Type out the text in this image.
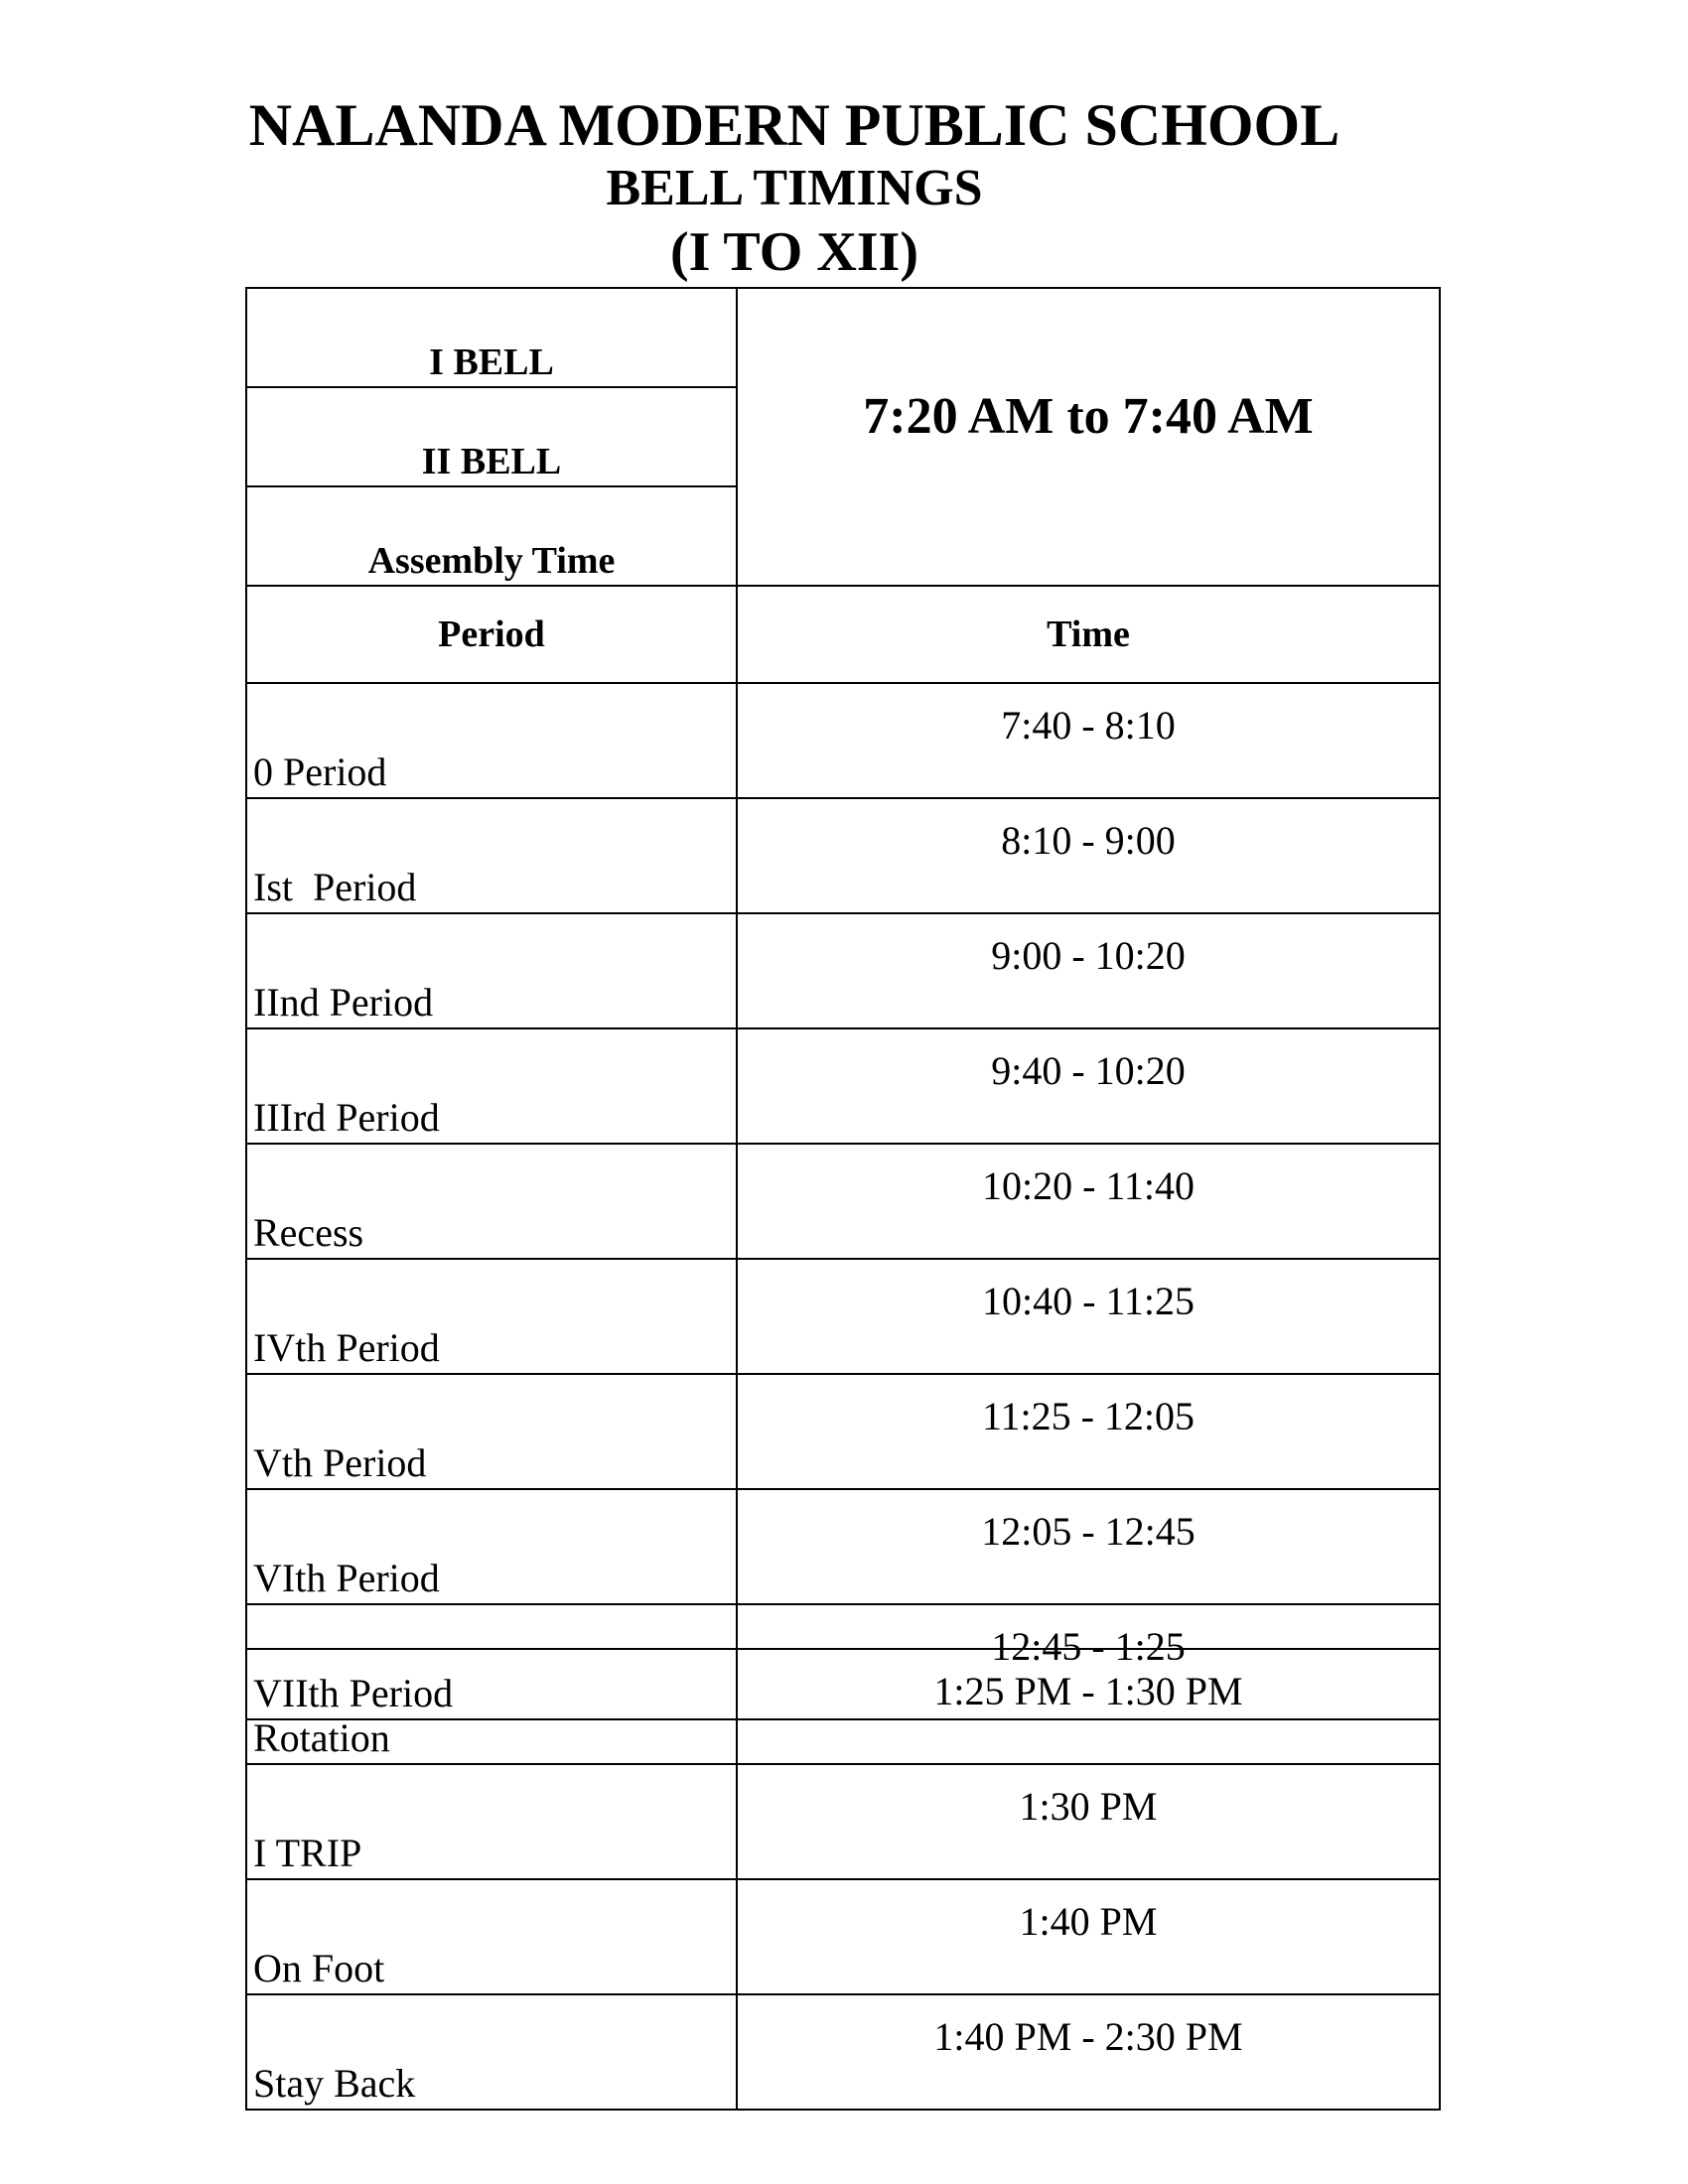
NALANDA MODERN PUBLIC SCHOOL
BELL TIMINGS
(I TO XII)
I BELL	7:20 AM to 7:40 AM
II BELL	
Assembly Time	
Period	Time
0 Period	7:40 - 8:10
Ist  Period	8:10 - 9:00
IInd Period	9:00 - 10:20
IIIrd Period	9:40 - 10:20
Recess	10:20 - 11:40
IVth Period	10:40 - 11:25
Vth Period	11:25 - 12:05
VIth Period	12:05 - 12:45
VIIth Period	12:45 - 1:25
Rotation	1:25 PM - 1:30 PM
I TRIP	1:30 PM
On Foot	1:40 PM
Stay Back	1:40 PM - 2:30 PM
